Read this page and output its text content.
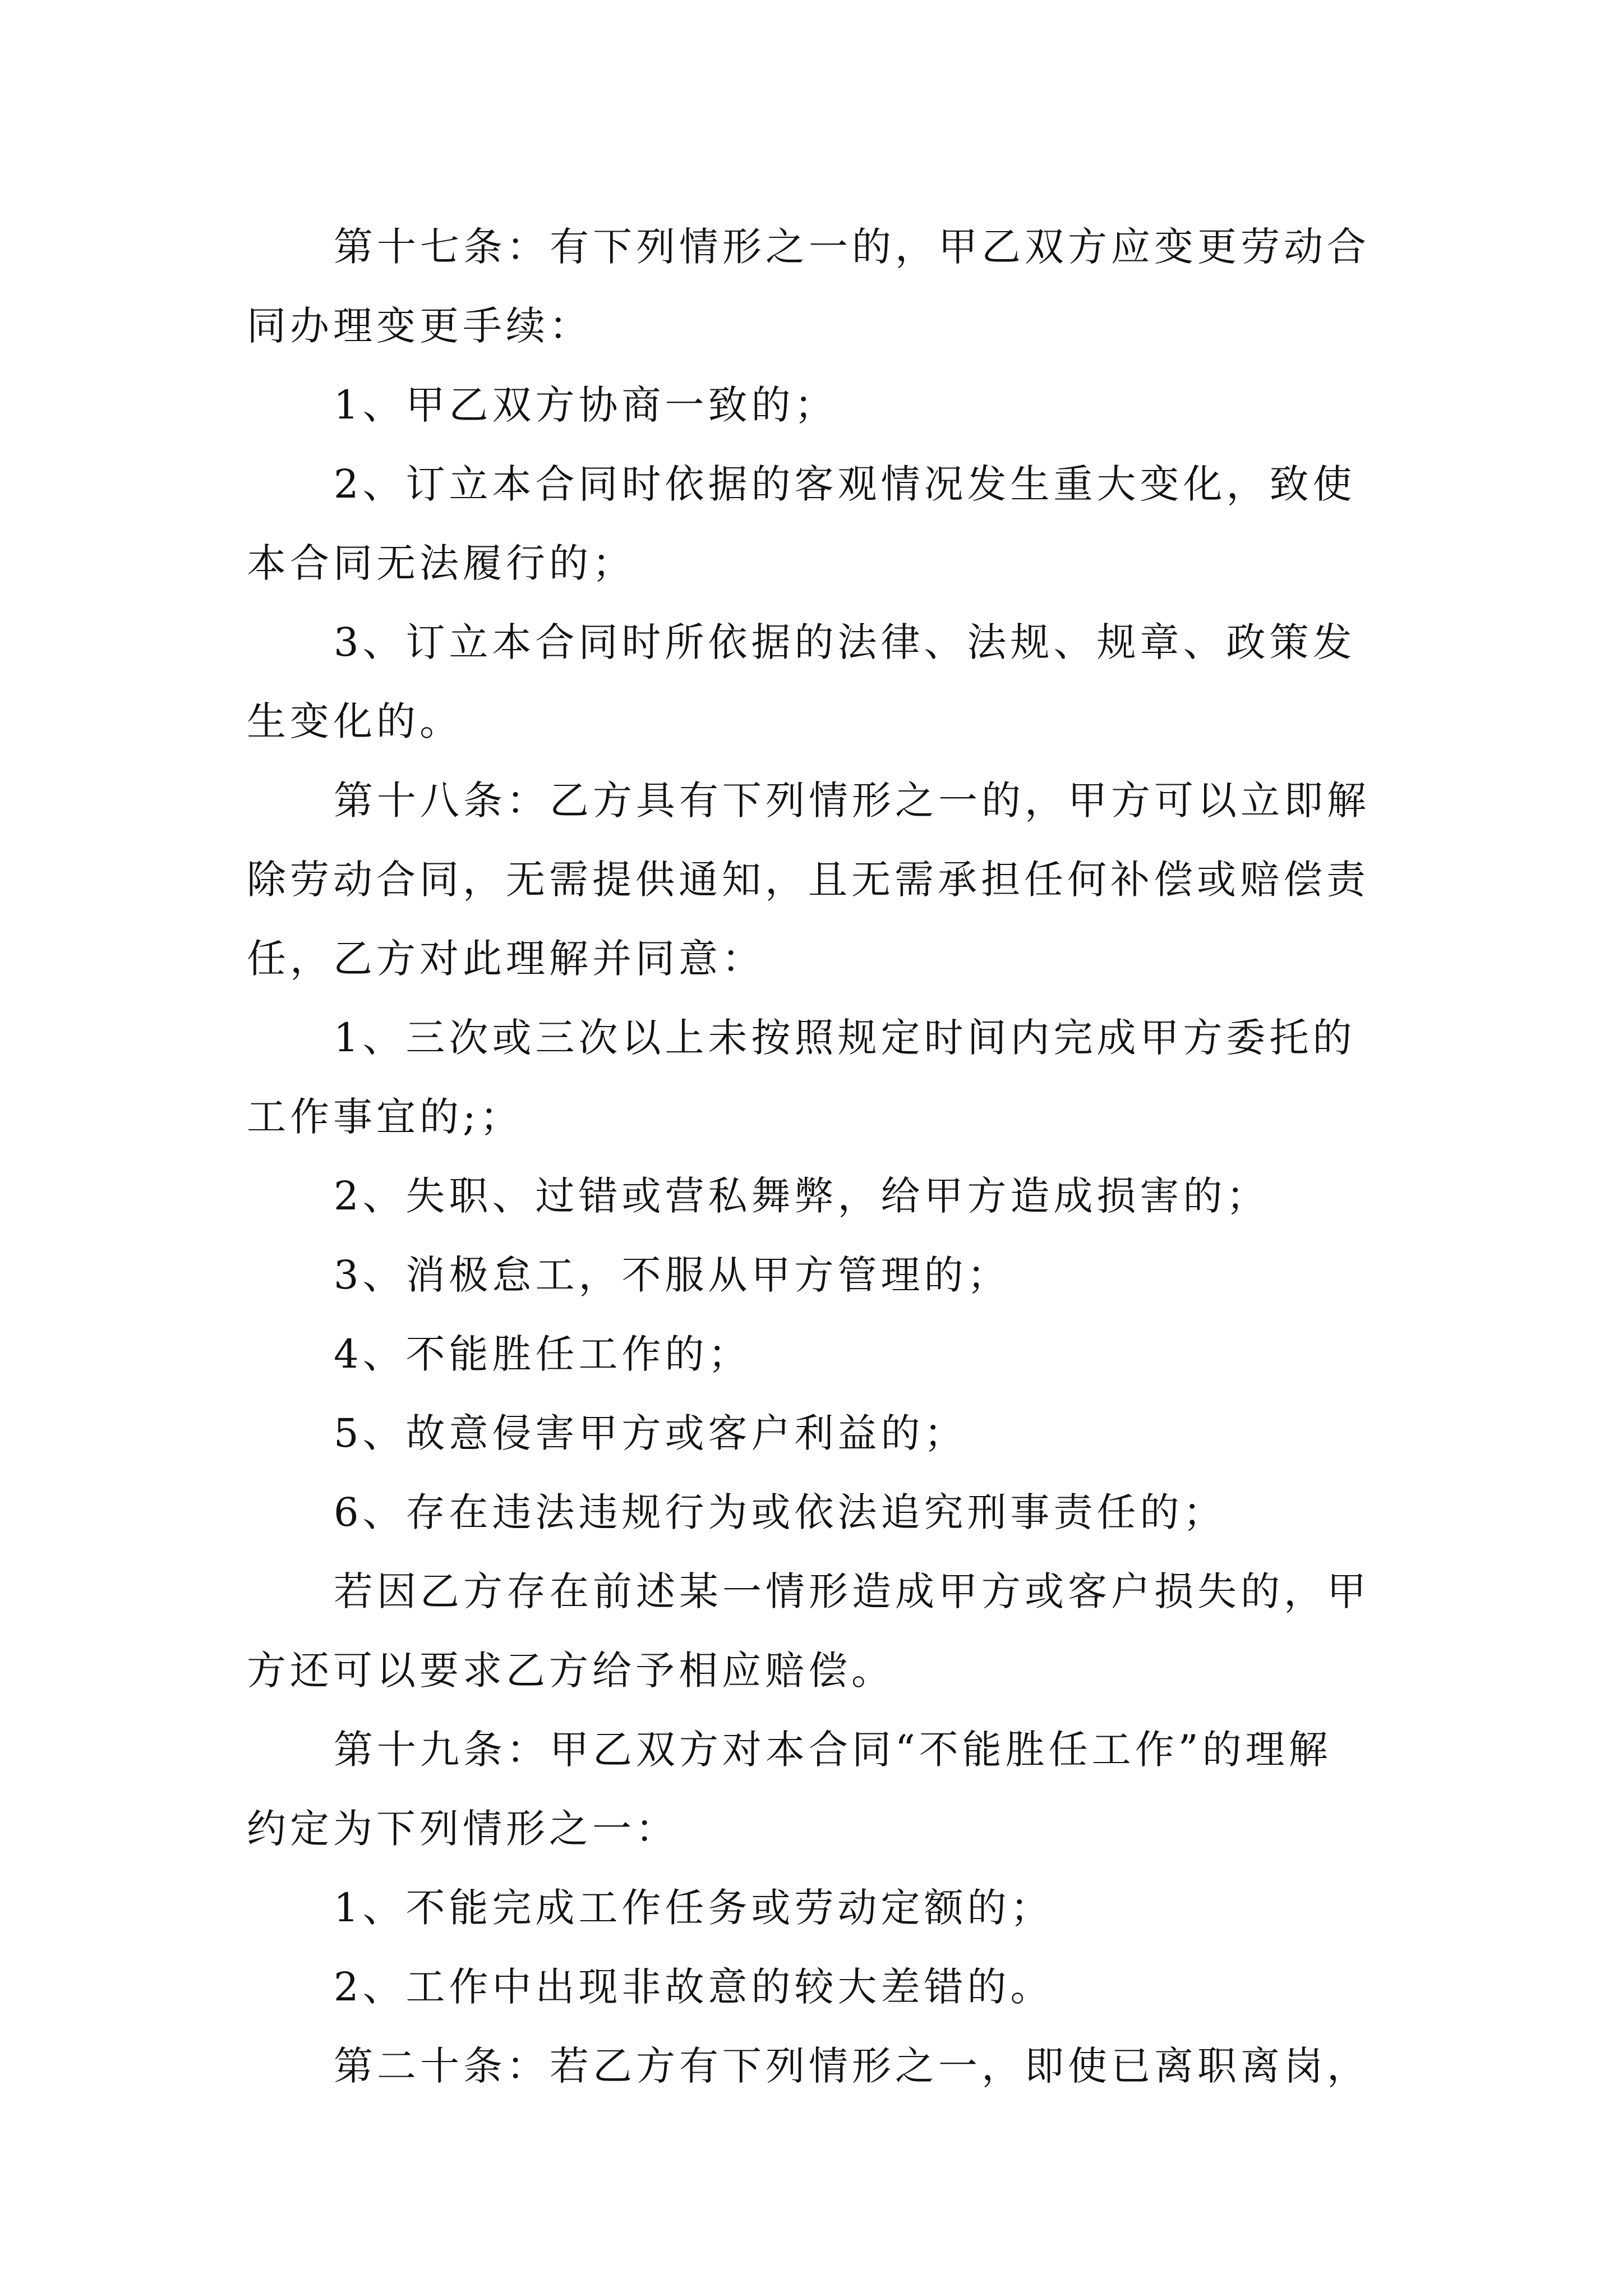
第十七条：有下列情形之一的，甲乙双方应变更劳动合
同办理变更手续：
1、甲乙双方协商一致的；
2、订立本合同时依据的客观情况发生重大变化，致使
本合同无法履行的；
3、订立本合同时所依据的法律、法规、规章、政策发
生变化的。
第十八条：乙方具有下列情形之一的，甲方可以立即解
除劳动合同，无需提供通知，且无需承担任何补偿或赔偿责
任，乙方对此理解并同意：
1、三次或三次以上未按照规定时间内完成甲方委托的
工作事宜的;；
2、失职、过错或营私舞弊，给甲方造成损害的；
3、消极怠工，不服从甲方管理的；
4、不能胜任工作的；
5、故意侵害甲方或客户利益的；
6、存在违法违规行为或依法追究刑事责任的；
若因乙方存在前述某一情形造成甲方或客户损失的，甲
方还可以要求乙方给予相应赔偿。
第十九条：甲乙双方对本合同“不能胜任工作”的理解
约定为下列情形之一：
1、不能完成工作任务或劳动定额的；
2、工作中出现非故意的较大差错的。
第二十条：若乙方有下列情形之一，即使已离职离岗，
